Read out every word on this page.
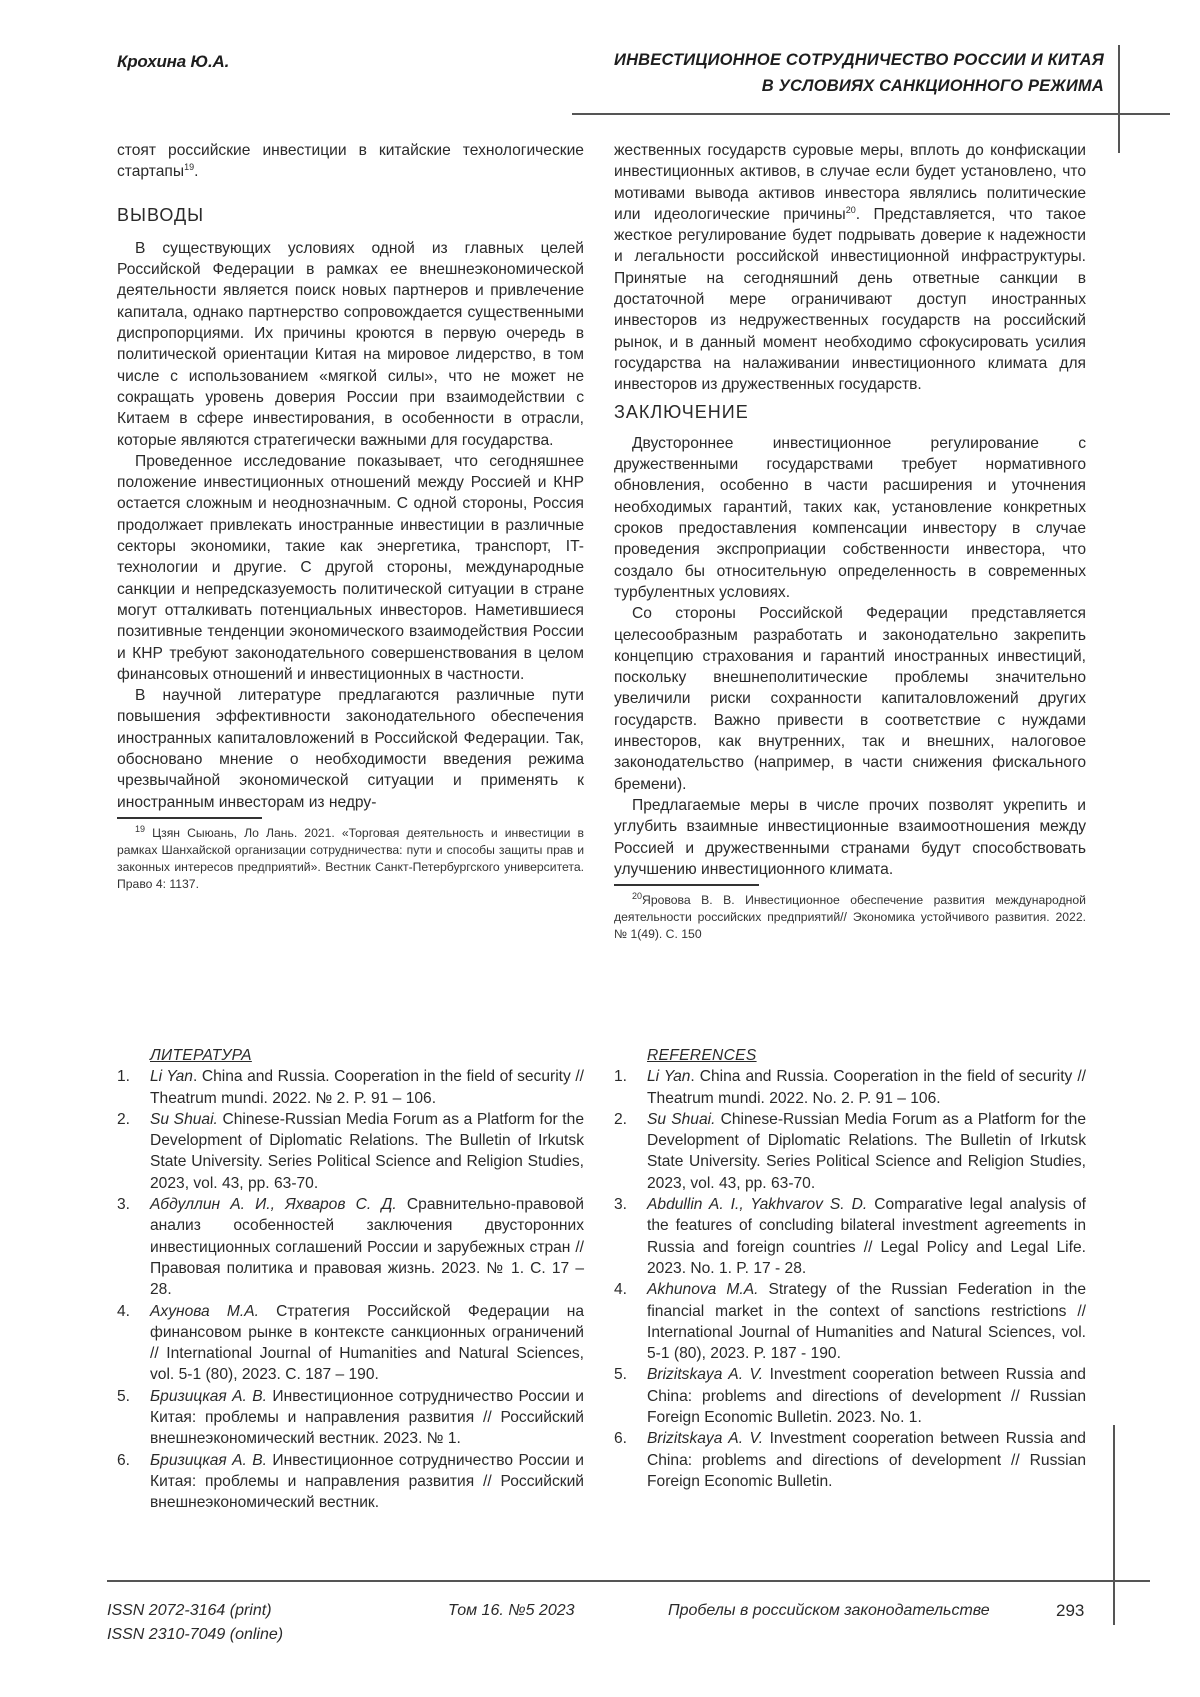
Крохина Ю.А.	ИНВЕСТИЦИОННОЕ СОТРУДНИЧЕСТВО РОССИИ И КИТАЯ
В УСЛОВИЯХ САНКЦИОННОГО РЕЖИМА

стоят российские инвестиции в китайские технологические стартапы$^{19}$.

ВЫВОДЫ

В существующих условиях одной из главных целей Российской Федерации в рамках ее внешнеэкономической деятельности является поиск новых партнеров и привлечение капитала, однако партнерство сопровождается существенными диспропорциями. Их причины кроются в первую очередь в политической ориентации Китая на мировое лидерство, в том числе с использованием «мягкой силы», что не может не сокращать уровень доверия России при взаимодействии с Китаем в сфере инвестирования, в особенности в отрасли, которые являются стратегически важными для государства.

Проведенное исследование показывает, что сегодняшнее положение инвестиционных отношений между Россией и КНР остается сложным и неоднозначным. С одной стороны, Россия продолжает привлекать иностранные инвестиции в различные секторы экономики, такие как энергетика, транспорт, IT-технологии и другие. С другой стороны, международные санкции и непредсказуемость политической ситуации в стране могут отталкивать потенциальных инвесторов. Наметившиеся позитивные тенденции экономического взаимодействия России и КНР требуют законодательного совершенствования в целом финансовых отношений и инвестиционных в частности.

В научной литературе предлагаются различные пути повышения эффективности законодательного обеспечения иностранных капиталовложений в Российской Федерации. Так, обосновано мнение о необходимости введения режима чрезвычайной экономической ситуации и применять к иностранным инвесторам из недру-

$^{19}$ Цзян Сыюань, Ло Лань. 2021. «Торговая деятельность и инвестиции в рамках Шанхайской организации сотрудничества: пути и способы защиты прав и законных интересов предприятий». Вестник Санкт-Петербургского университета. Право 4: 1137.

жественных государств суровые меры, вплоть до конфискации инвестиционных активов, в случае если будет установлено, что мотивами вывода активов инвестора являлись политические или идеологические причины$^{20}$. Представляется, что такое жесткое регулирование будет подрывать доверие к надежности и легальности российской инвестиционной инфраструктуры. Принятые на сегодняшний день ответные санкции в достаточной мере ограничивают доступ иностранных инвесторов из недружественных государств на российский рынок, и в данный момент необходимо сфокусировать усилия государства на налаживании инвестиционного климата для инвесторов из дружественных государств.

ЗАКЛЮЧЕНИЕ

Двустороннее инвестиционное регулирование с дружественными государствами требует нормативного обновления, особенно в части расширения и уточнения необходимых гарантий, таких как, установление конкретных сроков предоставления компенсации инвестору в случае проведения экспроприации собственности инвестора, что создало бы относительную определенность в современных турбулентных условиях.

Со стороны Российской Федерации представляется целесообразным разработать и законодательно закрепить концепцию страхования и гарантий иностранных инвестиций, поскольку внешнеполитические проблемы значительно увеличили риски сохранности капиталовложений других государств. Важно привести в соответствие с нуждами инвесторов, как внутренних, так и внешних, налоговое законодательство (например, в части снижения фискального бремени).

Предлагаемые меры в числе прочих позволят укрепить и углубить взаимные инвестиционные взаимоотношения между Россией и дружественными странами будут способствовать улучшению инвестиционного климата.

$^{20}$Яровова В. В. Инвестиционное обеспечение развития международной деятельности российских предприятий// Экономика устойчивого развития. 2022. № 1(49). С. 150
ЛИТЕРАТУРА
1.	Li Yan. China and Russia. Cooperation in the field of security // Theatrum mundi. 2022. № 2. P. 91 – 106.
2.	Su Shuai. Chinese-Russian Media Forum as a Platform for the Development of Diplomatic Relations. The Bulletin of Irkutsk State University. Series Political Science and Religion Studies, 2023, vol. 43, pp. 63-70.
3.	Абдуллин А. И., Яхваров С. Д. Сравнительно-правовой анализ особенностей заключения двусторонних инвестиционных соглашений России и зарубежных стран // Правовая политика и правовая жизнь. 2023. № 1. С. 17 – 28.
4.	Ахунова М.А. Стратегия Российской Федерации на финансовом рынке в контексте санкционных ограничений // International Journal of Humanities and Natural Sciences, vol. 5-1 (80), 2023. С. 187 – 190.
5.	Бризицкая А. В. Инвестиционное сотрудничество России и Китая: проблемы и направления развития // Российский внешнеэкономический вестник. 2023. № 1.
6.	Бризицкая А. В. Инвестиционное сотрудничество России и Китая: проблемы и направления развития // Российский внешнеэкономический вестник.
REFERENCES
1.	Li Yan. China and Russia. Cooperation in the field of security // Theatrum mundi. 2022. No. 2. P. 91 – 106.
2.	Su Shuai. Chinese-Russian Media Forum as a Platform for the Development of Diplomatic Relations. The Bulletin of Irkutsk State University. Series Political Science and Religion Studies, 2023, vol. 43, pp. 63-70.
3.	Abdullin A. I., Yakhvarov S. D. Comparative legal analysis of the features of concluding bilateral investment agreements in Russia and foreign countries // Legal Policy and Legal Life. 2023. No. 1. P. 17 - 28.
4.	Akhunova M.A. Strategy of the Russian Federation in the financial market in the context of sanctions restrictions // International Journal of Humanities and Natural Sciences, vol. 5-1 (80), 2023. P. 187 - 190.
5.	Brizitskaya A. V. Investment cooperation between Russia and China: problems and directions of development // Russian Foreign Economic Bulletin. 2023. No. 1.
6.	Brizitskaya A. V. Investment cooperation between Russia and China: problems and directions of development // Russian Foreign Economic Bulletin.
ISSN 2072-3164 (print)
ISSN 2310-7049 (online)
Том 16. №5 2023	Пробелы в российском законодательстве	293
